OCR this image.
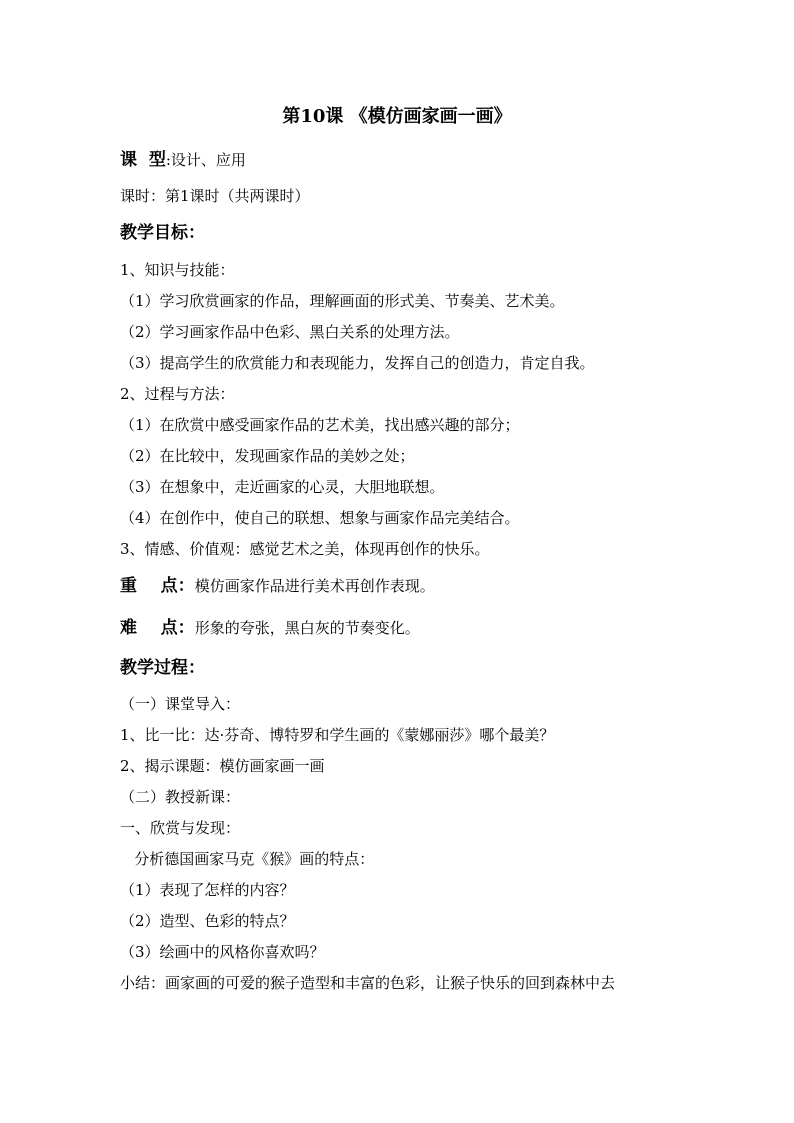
第10课 《模仿画家画一画》
课  型:设计、应用
课时：第1课时（共两课时）
教学目标：
1、知识与技能：
（1）学习欣赏画家的作品，理解画面的形式美、节奏美、艺术美。
（2）学习画家作品中色彩、黑白关系的处理方法。
（3）提高学生的欣赏能力和表现能力，发挥自己的创造力，肯定自我。
2、过程与方法：
（1）在欣赏中感受画家作品的艺术美，找出感兴趣的部分；
（2）在比较中，发现画家作品的美妙之处；
（3）在想象中，走近画家的心灵，大胆地联想。
（4）在创作中，使自己的联想、想象与画家作品完美结合。
3、情感、价值观：感觉艺术之美，体现再创作的快乐。
重    点：模仿画家作品进行美术再创作表现。
难    点：形象的夸张，黑白灰的节奏变化。
教学过程：
（一）课堂导入：
1、比一比：达·芬奇、博特罗和学生画的《蒙娜丽莎》哪个最美？
2、揭示课题：模仿画家画一画
（二）教授新课：
一、欣赏与发现：
分析德国画家马克《猴》画的特点：
（1）表现了怎样的内容？
（2）造型、色彩的特点？
（3）绘画中的风格你喜欢吗？
小结：画家画的可爱的猴子造型和丰富的色彩，让猴子快乐的回到森林中去
